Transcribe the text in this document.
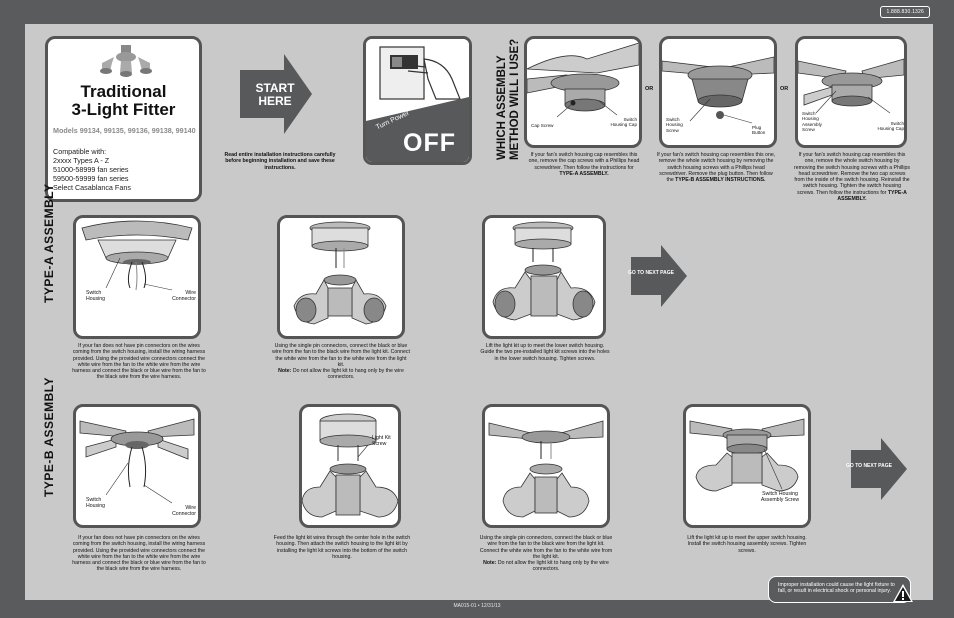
1.888.830.1326
Traditional
3-Light Fitter
Models 99134, 99135, 99136, 99138, 99140
Compatible with:
2xxxx Types A - Z
51000-58999 fan series
59500-59999 fan series
Select Casablanca Fans
START
HERE
Read entire installation instructions carefully before beginning installation and save these instructions.
Turn Power
OFF	WHICH ASSEMBLY METHOD WILL I USE? Cap Screw
Switch Housing Cap
If your fan's switch housing cap resembles this one, remove the cap screws with a Phillips head screwdriver. Then follow the instructions for TYPE-A ASSEMBLY.
OR
Switch Housing Screw
Plug Button
If your fan's switch housing cap resembles this one, remove the whole switch housing by removing the switch housing screws with a Phillips head screwdriver. Remove the plug button. Then follow the TYPE-B ASSEMBLY INSTRUCTIONS.
OR
Switch Housing Assembly Screw
Switch Housing Cap
If your fan's switch housing cap resembles this one, remove the whole switch housing by removing the switch housing screws with a Phillips head screwdriver. Remove the two cap screws from the inside of the switch housing. Reinstall the switch housing. Tighten the switch housing screws. Then follow the instructions for TYPE-A ASSEMBLY.
TYPE-A ASSEMBLY	Switch Housing
Wire Connector
If your fan does not have pin connectors on the wires coming from the switch housing, install the wiring harness provided. Using the provided wire connectors connect the white wire from the fan to the white wire from the wire harness and connect the black or blue wire from the fan to the black wire from the wire harness.
Using the single pin connectors, connect the black or blue wire from the fan to the black wire from the light kit. Connect the white wire from the fan to the white wire from the light kit.
Note: Do not allow the light kit to hang only by the wire connectors.
Lift the light kit up to meet the lower switch housing. Guide the two pre-installed light kit screws into the holes in the lower switch housing. Tighten screws.
GO TO NEXT PAGE
TYPE-B ASSEMBLY
Switch Housing	Wire Connector
If your fan does not have pin connectors on the wires coming from the switch housing, install the wiring harness provided. Using the provided wire connectors connect the white wire from the fan to the white wire from the wire harness and connect the black or blue wire from the fan to the black wire from the wire harness.
Light Kit Screw
Feed the light kit wires through the center hole in the switch housing. Then attach the switch housing to the light kit by installing the light kit screws into the bottom of the switch housing.
Using the single pin connectors, connect the black or blue wire from the fan to the black wire from the light kit. Connect the white wire from the fan to the white wire from the light kit.
Note: Do not allow the light kit to hang only by the wire connectors.
Switch Housing Assembly Screw
Lift the light kit up to meet the upper switch housing. Install the switch housing assembly screws. Tighten screws.
GO TO NEXT PAGE
Improper installation could cause the light fixture to fall, or result in electrical shock or personal injury.
MA015-01 • 12/31/13
